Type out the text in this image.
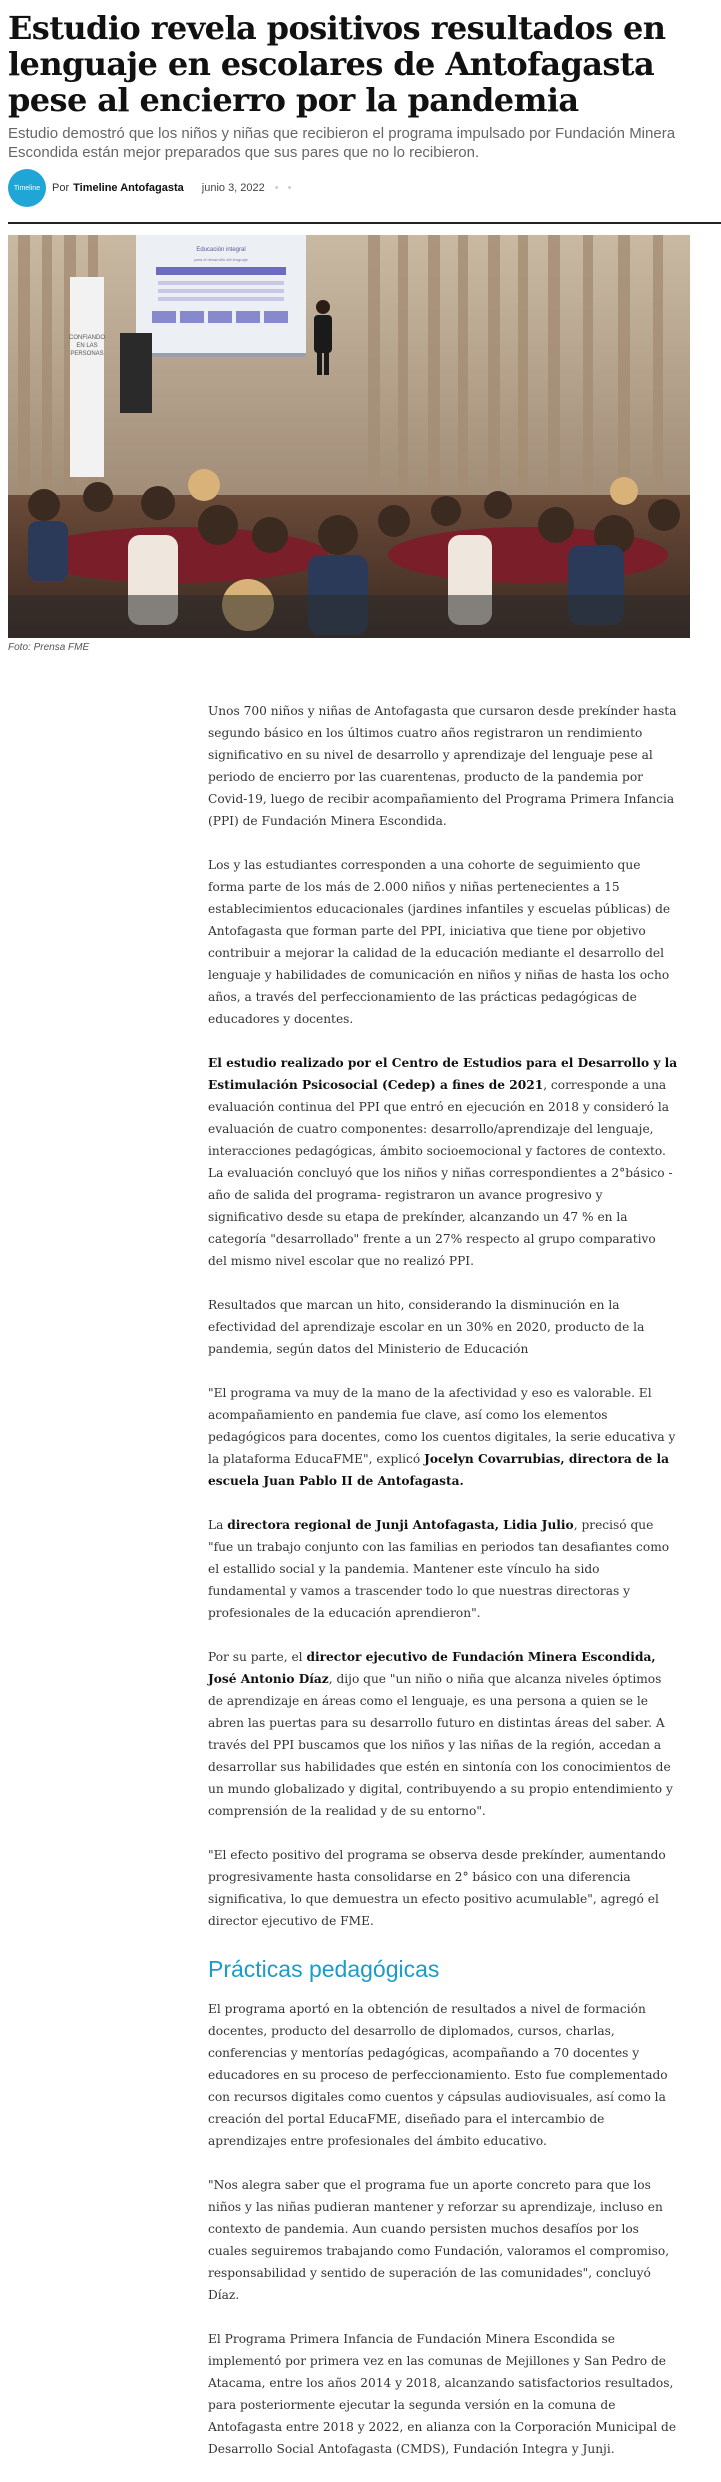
Estudio revela positivos resultados en lenguaje en escolares de Antofagasta pese al encierro por la pandemia
Estudio demostró que los niños y niñas que recibieron el programa impulsado por Fundación Minera Escondida están mejor preparados que sus pares que no lo recibieron.
Timeline	Por Timeline Antofagasta junio 3, 2022 • •
Educación integral
para el desarrollo del lenguaje
CONFIANDO
EN LAS
PERSONAS
Foto: Prensa FME

Unos 700 niños y niñas de Antofagasta que cursaron desde prekínder hasta segundo básico en los últimos cuatro años registraron un rendimiento significativo en su nivel de desarrollo y aprendizaje del lenguaje pese al periodo de encierro por las cuarentenas, producto de la pandemia por Covid-19, luego de recibir acompañamiento del Programa Primera Infancia (PPI) de Fundación Minera Escondida.

Los y las estudiantes corresponden a una cohorte de seguimiento que forma parte de los más de 2.000 niños y niñas pertenecientes a 15 establecimientos educacionales (jardines infantiles y escuelas públicas) de Antofagasta que forman parte del PPI, iniciativa que tiene por objetivo contribuir a mejorar la calidad de la educación mediante el desarrollo del lenguaje y habilidades de comunicación en niños y niñas de hasta los ocho años, a través del perfeccionamiento de las prácticas pedagógicas de educadores y docentes.

El estudio realizado por el Centro de Estudios para el Desarrollo y la Estimulación Psicosocial (Cedep) a fines de 2021, corresponde a una evaluación continua del PPI que entró en ejecución en 2018 y consideró la evaluación de cuatro componentes: desarrollo/aprendizaje del lenguaje, interacciones pedagógicas, ámbito socioemocional y factores de contexto. La evaluación concluyó que los niños y niñas correspondientes a 2°básico -año de salida del programa- registraron un avance progresivo y significativo desde su etapa de prekínder, alcanzando un 47 % en la categoría "desarrollado" frente a un 27% respecto al grupo comparativo del mismo nivel escolar que no realizó PPI.

Resultados que marcan un hito, considerando la disminución en la efectividad del aprendizaje escolar en un 30% en 2020, producto de la pandemia, según datos del Ministerio de Educación

"El programa va muy de la mano de la afectividad y eso es valorable. El acompañamiento en pandemia fue clave, así como los elementos pedagógicos para docentes, como los cuentos digitales, la serie educativa y la plataforma EducaFME", explicó Jocelyn Covarrubias, directora de la escuela Juan Pablo II de Antofagasta.

La directora regional de Junji Antofagasta, Lidia Julio, precisó que "fue un trabajo conjunto con las familias en periodos tan desafiantes como el estallido social y la pandemia. Mantener este vínculo ha sido fundamental y vamos a trascender todo lo que nuestras directoras y profesionales de la educación aprendieron".

Por su parte, el director ejecutivo de Fundación Minera Escondida, José Antonio Díaz, dijo que "un niño o niña que alcanza niveles óptimos de aprendizaje en áreas como el lenguaje, es una persona a quien se le abren las puertas para su desarrollo futuro en distintas áreas del saber. A través del PPI buscamos que los niños y las niñas de la región, accedan a desarrollar sus habilidades que estén en sintonía con los conocimientos de un mundo globalizado y digital, contribuyendo a su propio entendimiento y comprensión de la realidad y de su entorno".

"El efecto positivo del programa se observa desde prekínder, aumentando progresivamente hasta consolidarse en 2° básico con una diferencia significativa, lo que demuestra un efecto positivo acumulable", agregó el director ejecutivo de FME.

Prácticas pedagógicas

El programa aportó en la obtención de resultados a nivel de formación docentes, producto del desarrollo de diplomados, cursos, charlas, conferencias y mentorías pedagógicas, acompañando a 70 docentes y educadores en su proceso de perfeccionamiento. Esto fue complementado con recursos digitales como cuentos y cápsulas audiovisuales, así como la creación del portal EducaFME, diseñado para el intercambio de aprendizajes entre profesionales del ámbito educativo.

"Nos alegra saber que el programa fue un aporte concreto para que los niños y las niñas pudieran mantener y reforzar su aprendizaje, incluso en contexto de pandemia. Aun cuando persisten muchos desafíos por los cuales seguiremos trabajando como Fundación, valoramos el compromiso, responsabilidad y sentido de superación de las comunidades", concluyó Díaz.

El Programa Primera Infancia de Fundación Minera Escondida se implementó por primera vez en las comunas de Mejillones y San Pedro de Atacama, entre los años 2014 y 2018, alcanzando satisfactorios resultados, para posteriormente ejecutar la segunda versión en la comuna de Antofagasta entre 2018 y 2022, en alianza con la Corporación Municipal de Desarrollo Social Antofagasta (CMDS), Fundación Integra y Junji.
